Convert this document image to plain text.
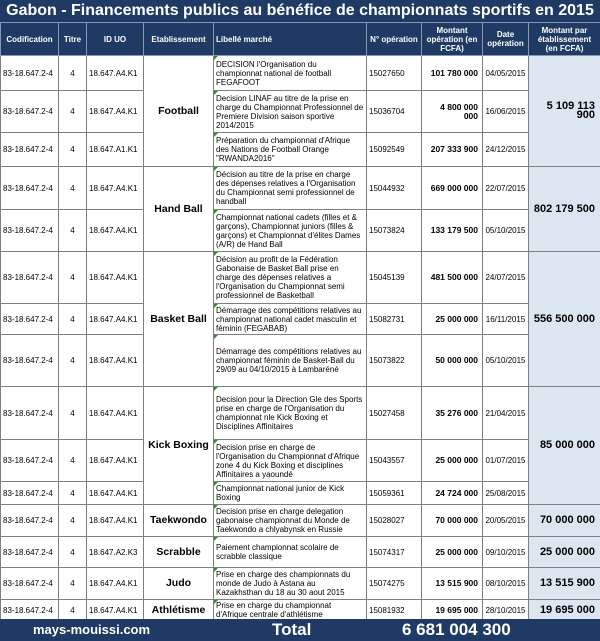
Gabon - Financements publics au bénéfice de championnats sportifs en 2015
Codification	Titre	ID UO	Etablissement	Libellé marché	N° opération	Montant opération (en FCFA)	Date opération	Montant par établissement (en FCFA)
83-18.647.2-4	4	18.647.A4.K1	Football	DECISION l'Organisation du championnat national de football FEGAFOOT	15027650	101 780 000	04/05/2015	5 109 113 900
83-18.647.2-4	4	18.647.A4.K1		Decision LINAF au titre de la prise en charge du Championnat Professionnel de Premiere Division saison sportive 2014/2015	15036704	4 800 000 000	16/06/2015	
83-18.647.2-4	4	18.647.A1.K1		Préparation du championnat d'Afrique des Nations de Football Orange "RWANDA2016"	15092549	207 333 900	24/12/2015	
83-18.647.2-4	4	18.647.A4.K1	Hand Ball	Décision au titre de la prise en charge des dépenses relatives a l'Organisation du Championnat semi professionnel de handball	15044932	669 000 000	22/07/2015	802 179 500
83-18.647.2-4	4	18.647.A4.K1		Championnat national cadets (filles et & garçons), Championnat juniors (filles & garçons) et Championnat d'élites Dames (A/R) de Hand Ball	15073824	133 179 500	05/10/2015	
83-18.647.2-4	4	18.647.A4.K1	Basket Ball	Décision au profit de la Fédération Gabonaise de Basket Ball prise en charge des dépenses relatives a l'Organisation du Championnat semi professionnel de Basketball	15045139	481 500 000	24/07/2015	556 500 000
83-18.647.2-4	4	18.647.A4.K1		Démarrage des compétitions relatives au championnat national cadet masculin et féminin (FEGABAB)	15082731	25 000 000	16/11/2015	
83-18.647.2-4	4	18.647.A4.K1		Démarrage des compétitions relatives au championnat féminin de Basket-Ball du 29/09 au 04/10/2015 à Lambaréné	15073822	50 000 000	05/10/2015	
83-18.647.2-4	4	18.647.A4.K1	Kick Boxing	Decision pour la Direction Gle des Sports prise en charge de l'Organisation du championnat nle Kick Boxing et Disciplines Affinitaires	15027458	35 276 000	21/04/2015	85 000 000
83-18.647.2-4	4	18.647.A4.K1		Decision prise en charge de l'Organisation du Championnat d'Afrique zone 4 du Kick Boxing et disciplines Affinitaires a yaoundé	15043557	25 000 000	01/07/2015	
83-18.647.2-4	4	18.647.A4.K1		Championnat national junior de Kick Boxing	15059361	24 724 000	25/08/2015	
83-18.647.2-4	4	18.647.A4.K1	Taekwondo	Decision prise en charge delegation gabonaise championnat du Monde de Taekwondo a chlyabynsk en Russie	15028027	70 000 000	20/05/2015	70 000 000
83-18.647.2-4	4	18.647.A2.K3	Scrabble	Paiement championnat scolaire de scrabble classique	15074317	25 000 000	09/10/2015	25 000 000
83-18.647.2-4	4	18.647.A4.K1	Judo	Prise en charge des championnats du monde de Judo à Astana au Kazakhsthan du 18 au 30 aout 2015	15074275	13 515 900	08/10/2015	13 515 900
83-18.647.2-4	4	18.647.A4.K1	Athlétisme	Prise en charge du championnat d'Afrique centrale d'athlétisme	15081932	19 695 000	28/10/2015	19 695 000
mays-mouissi.com	Total	6 681 004 300
